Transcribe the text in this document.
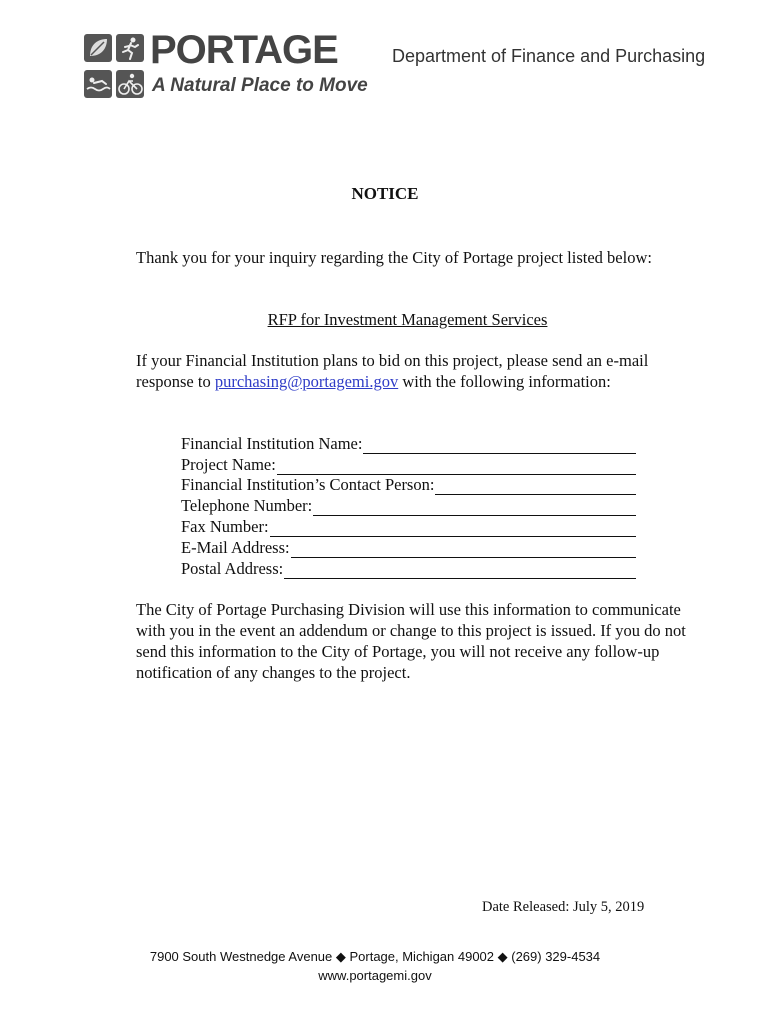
PORTAGE
A Natural Place to Move
Department of Finance and Purchasing
NOTICE
Thank you for your inquiry regarding the City of Portage project listed below:
RFP for Investment Management Services
If your Financial Institution plans to bid on this project, please send an e-mail response to purchasing@portagemi.gov with the following information:
Financial Institution Name:
Project Name:
Financial Institution’s Contact Person:
Telephone Number:
Fax Number:
E-Mail Address:
Postal Address:
The City of Portage Purchasing Division will use this information to communicate with you in the event an addendum or change to this project is issued. If you do not send this information to the City of Portage, you will not receive any follow-up notification of any changes to the project.
Date Released: July 5, 2019
7900 South Westnedge Avenue ◆ Portage, Michigan 49002 ◆ (269) 329-4534
www.portagemi.gov
